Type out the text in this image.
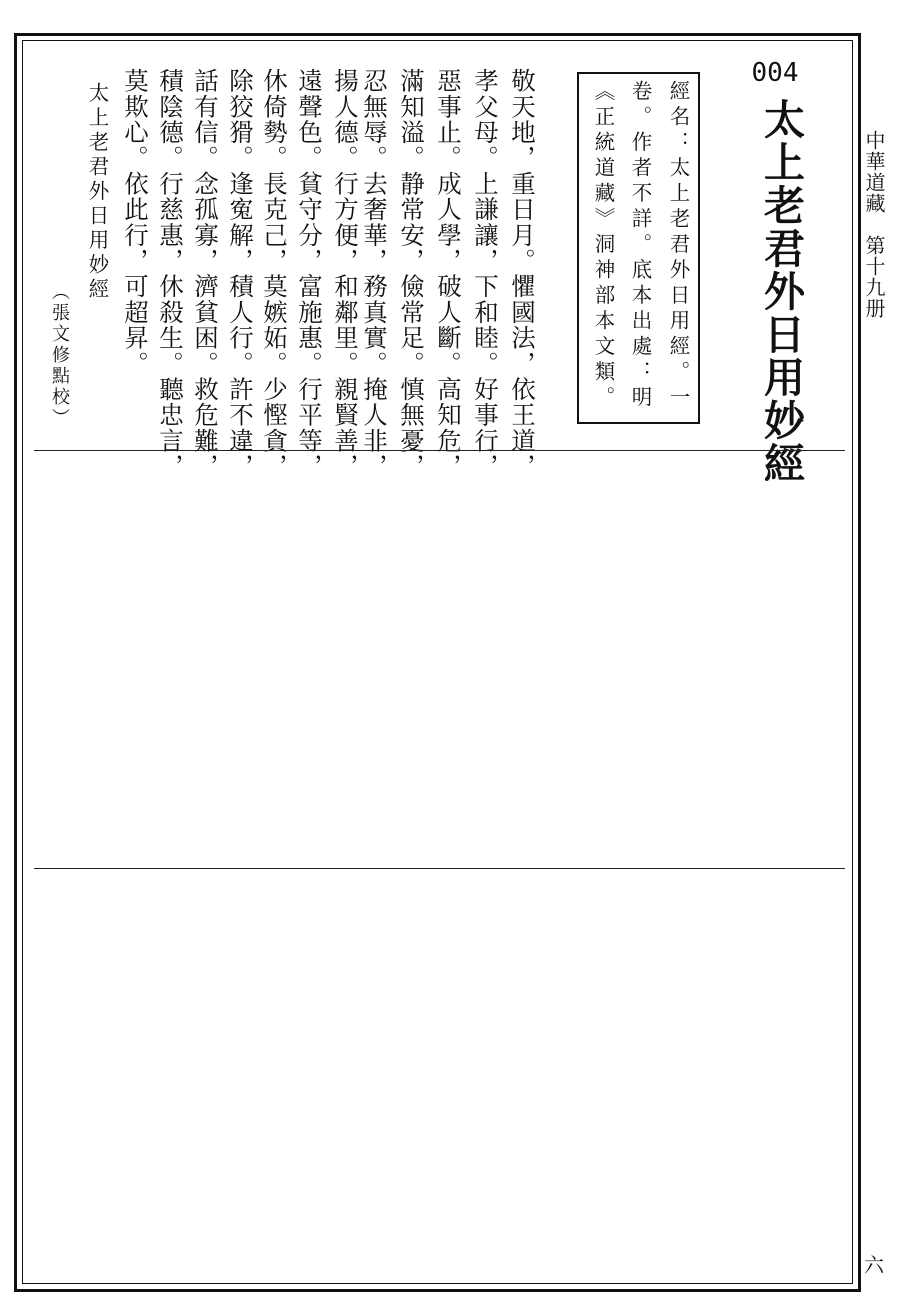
中華道藏　第十九册
六
004
太上老君外日用妙經
經名：太上老君外日用經。一
卷。作者不詳。底本出處：明
《正統道藏》洞神部本文類。
敬天地，重日月。懼國法，依王道，
孝父母。上謙讓，下和睦。好事行，
惡事止。成人學，破人斷。高知危，
滿知溢。静常安，儉常足。慎無憂，
忍無辱。去奢華，務真實。掩人非，
揚人德。行方便，和鄰里。親賢善，
遠聲色。貧守分，富施惠。行平等，
休倚勢。長克己，莫嫉妬。少慳貪，
除狡猾。逢寃解，積人行。許不違，
話有信。念孤寡，濟貧困。救危難，
積陰德。行慈惠，休殺生。聽忠言，
莫欺心。依此行，可超昇。
太上老君外日用妙經
（張文修點校）
